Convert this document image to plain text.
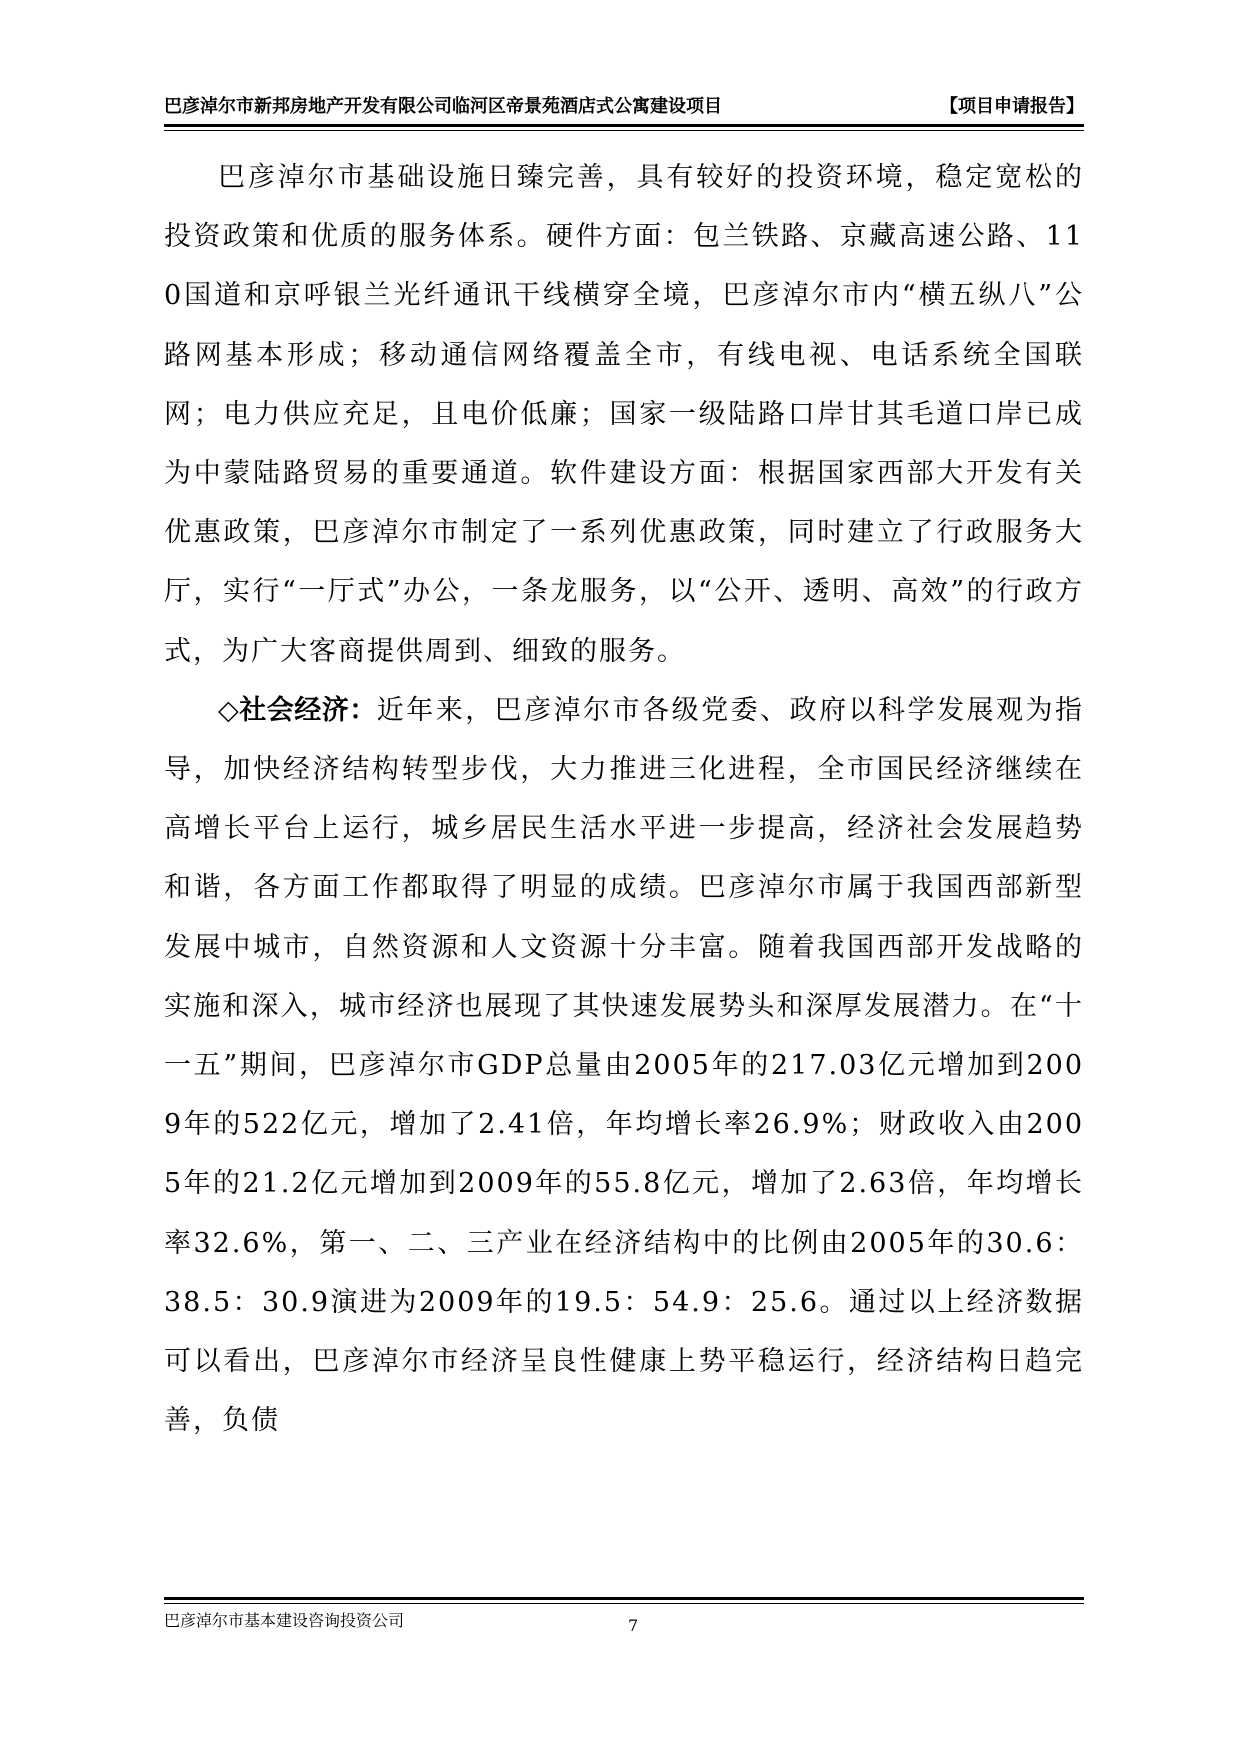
巴彦淖尔市新邦房地产开发有限公司临河区帝景苑酒店式公寓建设项目	【项目申请报告】

巴彦淖尔市基础设施日臻完善，具有较好的投资环境，稳定宽松的投资政策和优质的服务体系。硬件方面：包兰铁路、京藏高速公路、110国道和京呼银兰光纤通讯干线横穿全境，巴彦淖尔市内“横五纵八”公路网基本形成；移动通信网络覆盖全市，有线电视、电话系统全国联网；电力供应充足，且电价低廉；国家一级陆路口岸甘其毛道口岸已成为中蒙陆路贸易的重要通道。软件建设方面：根据国家西部大开发有关优惠政策，巴彦淖尔市制定了一系列优惠政策，同时建立了行政服务大厅，实行“一厅式”办公，一条龙服务，以“公开、透明、高效”的行政方式，为广大客商提供周到、细致的服务。

◇社会经济：近年来，巴彦淖尔市各级党委、政府以科学发展观为指导，加快经济结构转型步伐，大力推进三化进程，全市国民经济继续在高增长平台上运行，城乡居民生活水平进一步提高，经济社会发展趋势和谐，各方面工作都取得了明显的成绩。巴彦淖尔市属于我国西部新型发展中城市，自然资源和人文资源十分丰富。随着我国西部开发战略的实施和深入，城市经济也展现了其快速发展势头和深厚发展潜力。在“十一五”期间，巴彦淖尔市GDP总量由2005年的217.03亿元增加到2009年的522亿元，增加了2.41倍，年均增长率26.9%；财政收入由2005年的21.2亿元增加到2009年的55.8亿元，增加了2.63倍，年均增长率32.6%，第一、二、三产业在经济结构中的比例由2005年的30.6：38.5：30.9演进为2009年的19.5：54.9：25.6。通过以上经济数据可以看出，巴彦淖尔市经济呈良性健康上势平稳运行，经济结构日趋完善，负债

巴彦淖尔市基本建设咨询投资公司	7
